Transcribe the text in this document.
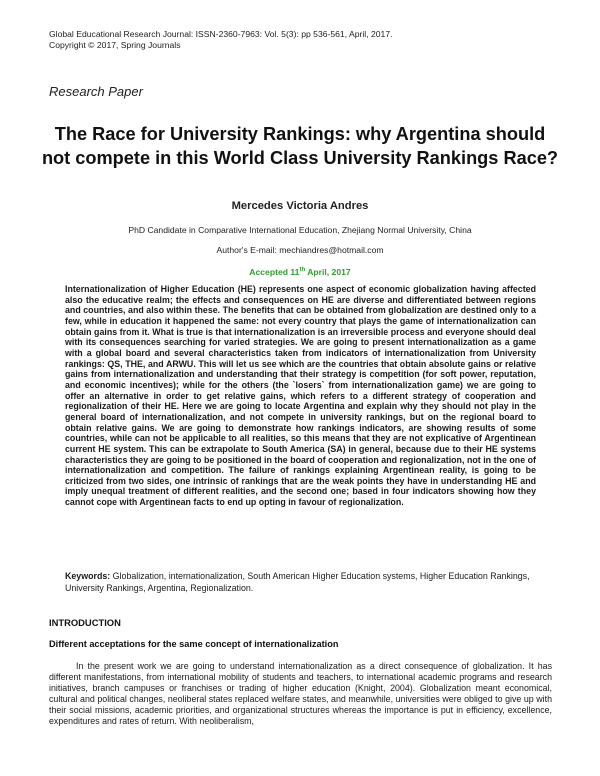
Global Educational Research Journal: ISSN-2360-7963: Vol. 5(3): pp 536-561, April, 2017.
Copyright © 2017, Spring Journals
Research Paper
The Race for University Rankings: why Argentina should not compete in this World Class University Rankings Race?
Mercedes Victoria Andres
PhD Candidate in Comparative International Education, Zhejiang Normal University, China
Author's E-mail: mechiandres@hotmail.com
Accepted 11th April, 2017
Internationalization of Higher Education (HE) represents one aspect of economic globalization having affected also the educative realm; the effects and consequences on HE are diverse and differentiated between regions and countries, and also within these. The benefits that can be obtained from globalization are destined only to a few, while in education it happened the same: not every country that plays the game of internationalization can obtain gains from it. What is true is that internationalization is an irreversible process and everyone should deal with its consequences searching for varied strategies. We are going to present internationalization as a game with a global board and several characteristics taken from indicators of internationalization from University rankings: QS, THE, and ARWU. This will let us see which are the countries that obtain absolute gains or relative gains from internationalization and understanding that their strategy is competition (for soft power, reputation, and economic incentives); while for the others (the `losers` from internationalization game) we are going to offer an alternative in order to get relative gains, which refers to a different strategy of cooperation and regionalization of their HE. Here we are going to locate Argentina and explain why they should not play in the general board of internationalization, and not compete in university rankings, but on the regional board to obtain relative gains. We are going to demonstrate how rankings indicators, are showing results of some countries, while can not be applicable to all realities, so this means that they are not explicative of Argentinean current HE system. This can be extrapolate to South America (SA) in general, because due to their HE systems characteristics they are going to be positioned in the board of cooperation and regionalization, not in the one of internationalization and competition. The failure of rankings explaining Argentinean reality, is going to be criticized from two sides, one intrinsic of rankings that are the weak points they have in understanding HE and imply unequal treatment of different realities, and the second one; based in four indicators showing how they cannot cope with Argentinean facts to end up opting in favour of regionalization.
Keywords: Globalization, internationalization, South American Higher Education systems, Higher Education Rankings, University Rankings, Argentina, Regionalization.
INTRODUCTION
Different acceptations for the same concept of internationalization
In the present work we are going to understand internationalization as a direct consequence of globalization. It has different manifestations, from international mobility of students and teachers, to international academic programs and research initiatives, branch campuses or franchises or trading of higher education (Knight, 2004). Globalization meant economical, cultural and political changes, neoliberal states replaced welfare states, and meanwhile, universities were obliged to give up with their social missions, academic priorities, and organizational structures whereas the importance is put in efficiency, excellence, expenditures and rates of return. With neoliberalism,
